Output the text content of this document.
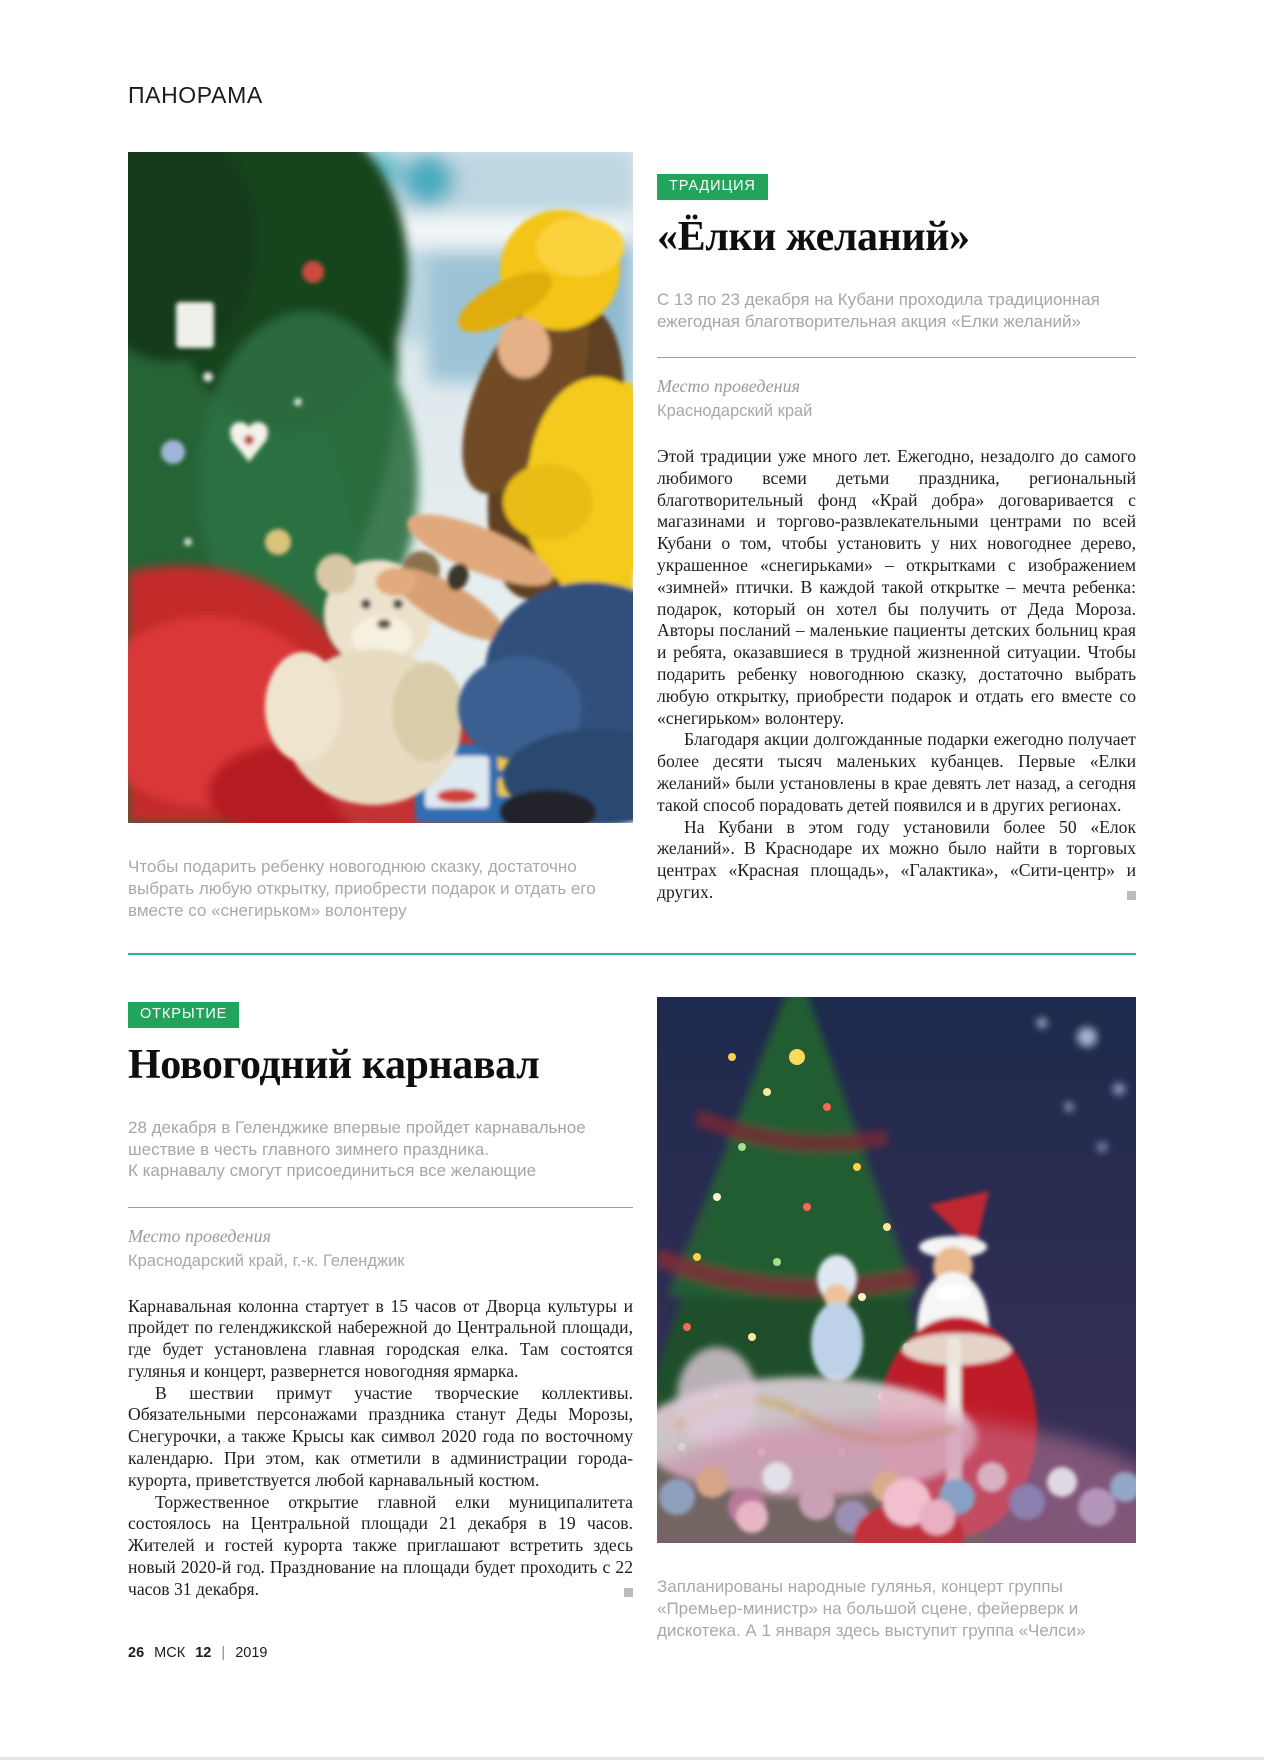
ПАНОРАМА
Чтобы подарить ребенку новогоднюю сказку, достаточно выбрать любую открытку, приобрести подарок и отдать его вместе со «снегирьком» волонтеру
ТРАДИЦИЯ
«Ёлки желаний»
С 13 по 23 декабря на Кубани проходила традиционная ежегодная благотворительная акция «Елки желаний»

Место проведения

Краснодарский край

Этой традиции уже много лет. Ежегодно, незадолго до самого любимого всеми детьми праздника, региональный благотворительный фонд «Край добра» договаривается с магазинами и торгово-развлекательными центрами по всей Кубани о том, чтобы установить у них новогоднее дерево, украшенное «снегирьками» – открытками с изображением «зимней» птички. В каждой такой открытке – мечта ребенка: подарок, который он хотел бы получить от Деда Мороза. Авторы посланий – маленькие пациенты детских больниц края и ребята, оказавшиеся в трудной жизненной ситуации. Чтобы подарить ребенку новогоднюю сказку, достаточно выбрать любую открытку, приобрести подарок и отдать его вместе со «снегирьком» волонтеру.

Благодаря акции долгожданные подарки ежегодно получает более десяти тысяч маленьких кубанцев. Первые «Елки желаний» были установлены в крае девять лет назад, а сегодня такой способ порадовать детей появился и в других регионах.

На Кубани в этом году установили более 50 «Елок желаний». В Краснодаре их можно было найти в торговых центрах «Красная площадь», «Галактика», «Сити-центр» и других.

ОТКРЫТИЕ
Новогодний карнавал
28 декабря в Геленджике впервые пройдет карнавальное шествие в честь главного зимнего праздника.
К карнавалу смогут присоединиться все желающие

Место проведения

Краснодарский край, г.-к. Геленджик

Карнавальная колонна стартует в 15 часов от Дворца культуры и пройдет по геленджикской набережной до Центральной площади, где будет установлена главная городская елка. Там состоятся гулянья и концерт, развернется новогодняя ярмарка.

В шествии примут участие творческие коллективы. Обязательными персонажами праздника станут Деды Морозы, Снегурочки, а также Крысы как символ 2020 года по восточному календарю. При этом, как отметили в администрации города-курорта, приветствуется любой карнавальный костюм.

Торжественное открытие главной елки муниципалитета состоялось на Центральной площади 21 декабря в 19 часов. Жителей и гостей курорта также приглашают встретить здесь новый 2020-й год. Празднование на площади будет проходить с 22 часов 31 декабря.	Запланированы народные гулянья, концерт группы «Премьер-министр» на большой сцене, фейерверк и дискотека. А 1 января здесь выступит группа «Челси»
26 МСК 12 | 2019
